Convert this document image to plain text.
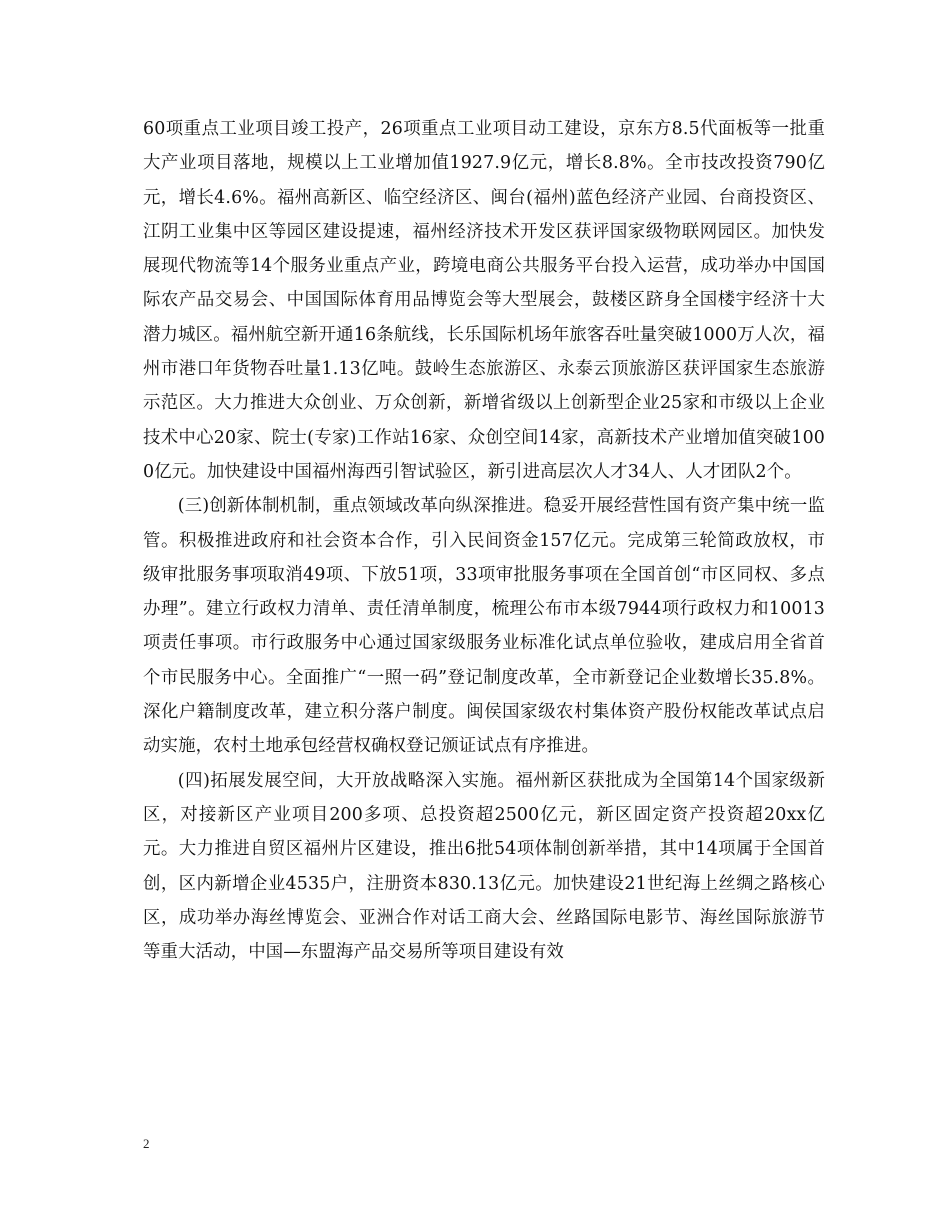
60项重点工业项目竣工投产，26项重点工业项目动工建设，京东方8.5代面板等一批重大产业项目落地，规模以上工业增加值1927.9亿元，增长8.8%。全市技改投资790亿元，增长4.6%。福州高新区、临空经济区、闽台(福州)蓝色经济产业园、台商投资区、江阴工业集中区等园区建设提速，福州经济技术开发区获评国家级物联网园区。加快发展现代物流等14个服务业重点产业，跨境电商公共服务平台投入运营，成功举办中国国际农产品交易会、中国国际体育用品博览会等大型展会，鼓楼区跻身全国楼宇经济十大潜力城区。福州航空新开通16条航线，长乐国际机场年旅客吞吐量突破1000万人次，福州市港口年货物吞吐量1.13亿吨。鼓岭生态旅游区、永泰云顶旅游区获评国家生态旅游示范区。大力推进大众创业、万众创新，新增省级以上创新型企业25家和市级以上企业技术中心20家、院士(专家)工作站16家、众创空间14家，高新技术产业增加值突破1000亿元。加快建设中国福州海西引智试验区，新引进高层次人才34人、人才团队2个。

(三)创新体制机制，重点领域改革向纵深推进。稳妥开展经营性国有资产集中统一监管。积极推进政府和社会资本合作，引入民间资金157亿元。完成第三轮简政放权，市级审批服务事项取消49项、下放51项，33项审批服务事项在全国首创“市区同权、多点办理”。建立行政权力清单、责任清单制度，梳理公布市本级7944项行政权力和10013项责任事项。市行政服务中心通过国家级服务业标准化试点单位验收，建成启用全省首个市民服务中心。全面推广“一照一码”登记制度改革，全市新登记企业数增长35.8%。深化户籍制度改革，建立积分落户制度。闽侯国家级农村集体资产股份权能改革试点启动实施，农村土地承包经营权确权登记颁证试点有序推进。

(四)拓展发展空间，大开放战略深入实施。福州新区获批成为全国第14个国家级新区，对接新区产业项目200多项、总投资超2500亿元，新区固定资产投资超20xx亿元。大力推进自贸区福州片区建设，推出6批54项体制创新举措，其中14项属于全国首创，区内新增企业4535户，注册资本830.13亿元。加快建设21世纪海上丝绸之路核心区，成功举办海丝博览会、亚洲合作对话工商大会、丝路国际电影节、海丝国际旅游节等重大活动，中国—东盟海产品交易所等项目建设有效

2
